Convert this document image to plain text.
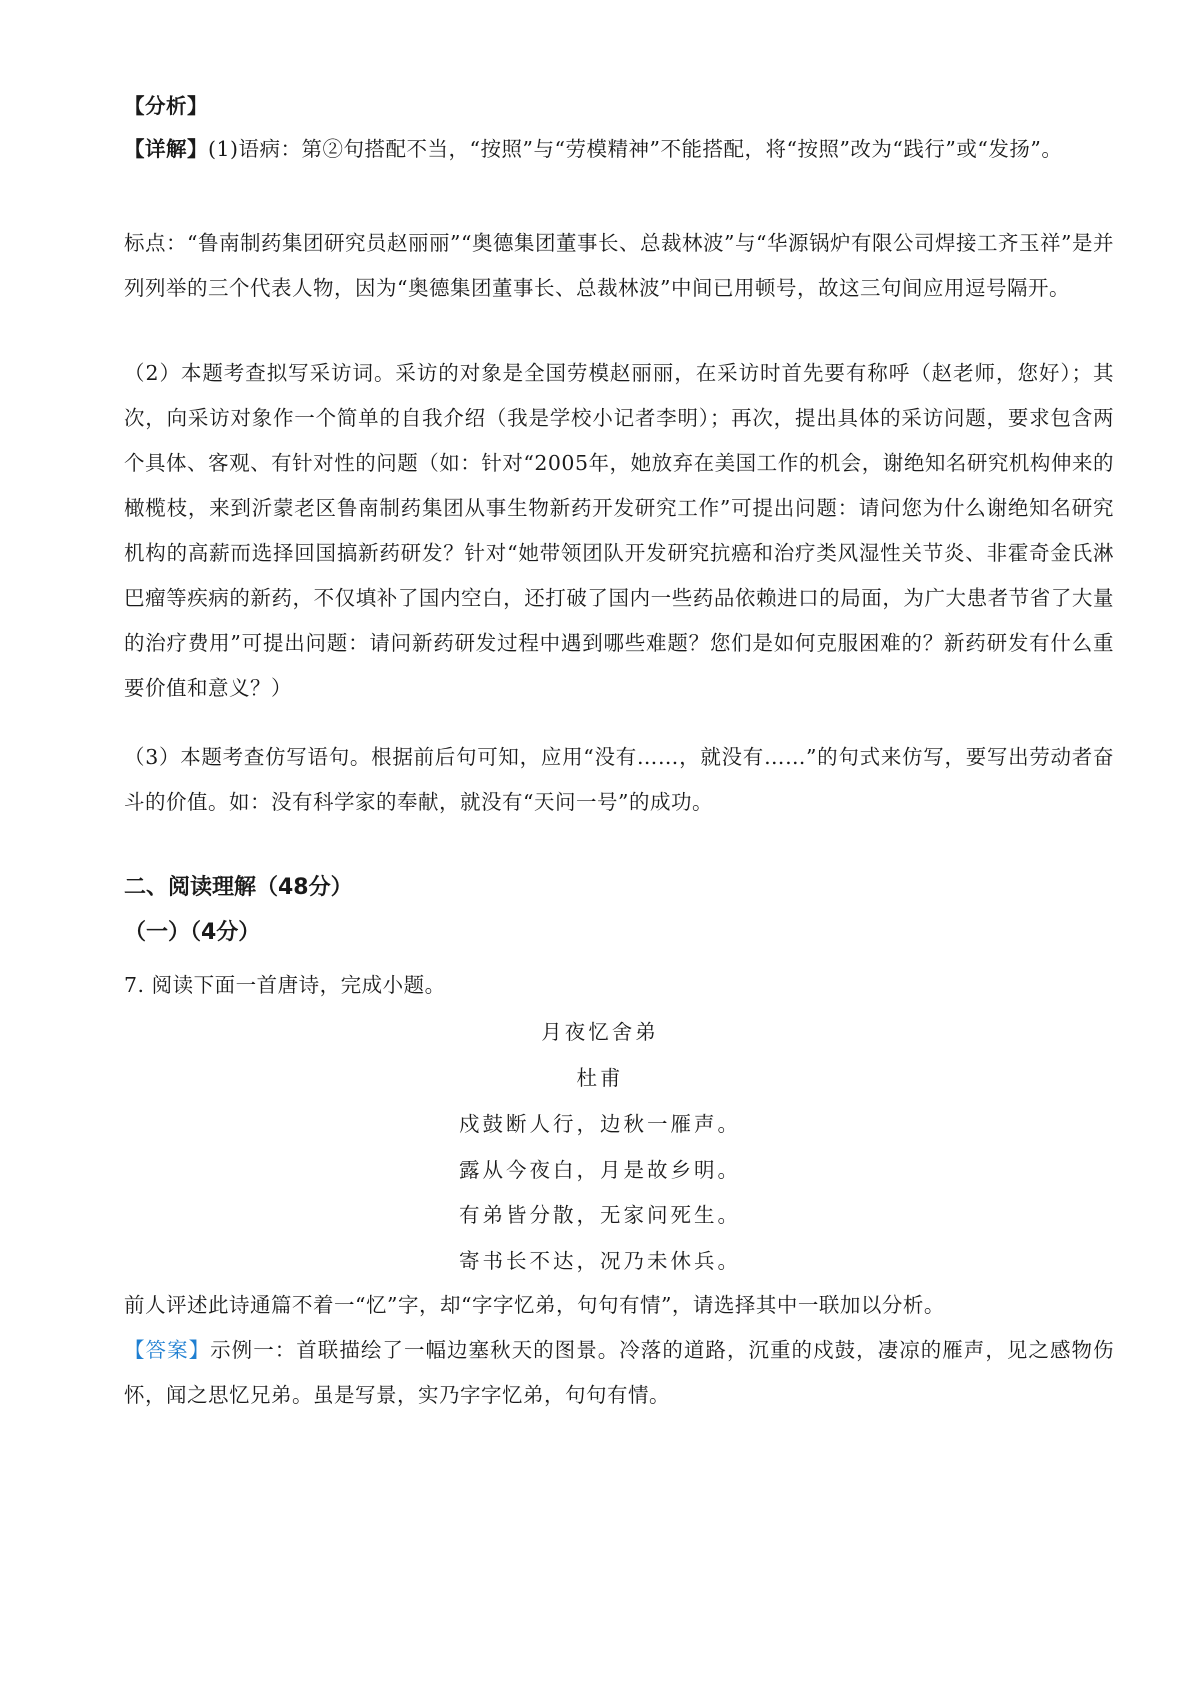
【分析】

【详解】(1)语病：第②句搭配不当，“按照”与“劳模精神”不能搭配，将“按照”改为“践行”或“发扬”。

标点：“鲁南制药集团研究员赵丽丽”“奥德集团董事长、总裁林波”与“华源锅炉有限公司焊接工齐玉祥”是并列列举的三个代表人物，因为“奥德集团董事长、总裁林波”中间已用顿号，故这三句间应用逗号隔开。

（2）本题考查拟写采访词。采访的对象是全国劳模赵丽丽，在采访时首先要有称呼（赵老师，您好）；其次，向采访对象作一个简单的自我介绍（我是学校小记者李明）；再次，提出具体的采访问题，要求包含两个具体、客观、有针对性的问题（如：针对“2005年，她放弃在美国工作的机会，谢绝知名研究机构伸来的橄榄枝，来到沂蒙老区鲁南制药集团从事生物新药开发研究工作”可提出问题：请问您为什么谢绝知名研究机构的高薪而选择回国搞新药研发？针对“她带领团队开发研究抗癌和治疗类风湿性关节炎、非霍奇金氏淋巴瘤等疾病的新药，不仅填补了国内空白，还打破了国内一些药品依赖进口的局面，为广大患者节省了大量的治疗费用”可提出问题：请问新药研发过程中遇到哪些难题？您们是如何克服困难的？新药研发有什么重要价值和意义？）

（3）本题考查仿写语句。根据前后句可知，应用“没有……，就没有……”的句式来仿写，要写出劳动者奋斗的价值。如：没有科学家的奉献，就没有“天问一号”的成功。

二、阅读理解（48分）
（一）（4分）

7. 阅读下面一首唐诗，完成小题。

月夜忆舍弟

杜甫

戍鼓断人行，边秋一雁声。

露从今夜白，月是故乡明。

有弟皆分散，无家问死生。

寄书长不达，况乃未休兵。

前人评述此诗通篇不着一“忆”字，却“字字忆弟，句句有情”，请选择其中一联加以分析。

【答案】示例一：首联描绘了一幅边塞秋天的图景。冷落的道路，沉重的戍鼓，凄凉的雁声，见之感物伤怀，闻之思忆兄弟。虽是写景，实乃字字忆弟，句句有情。
